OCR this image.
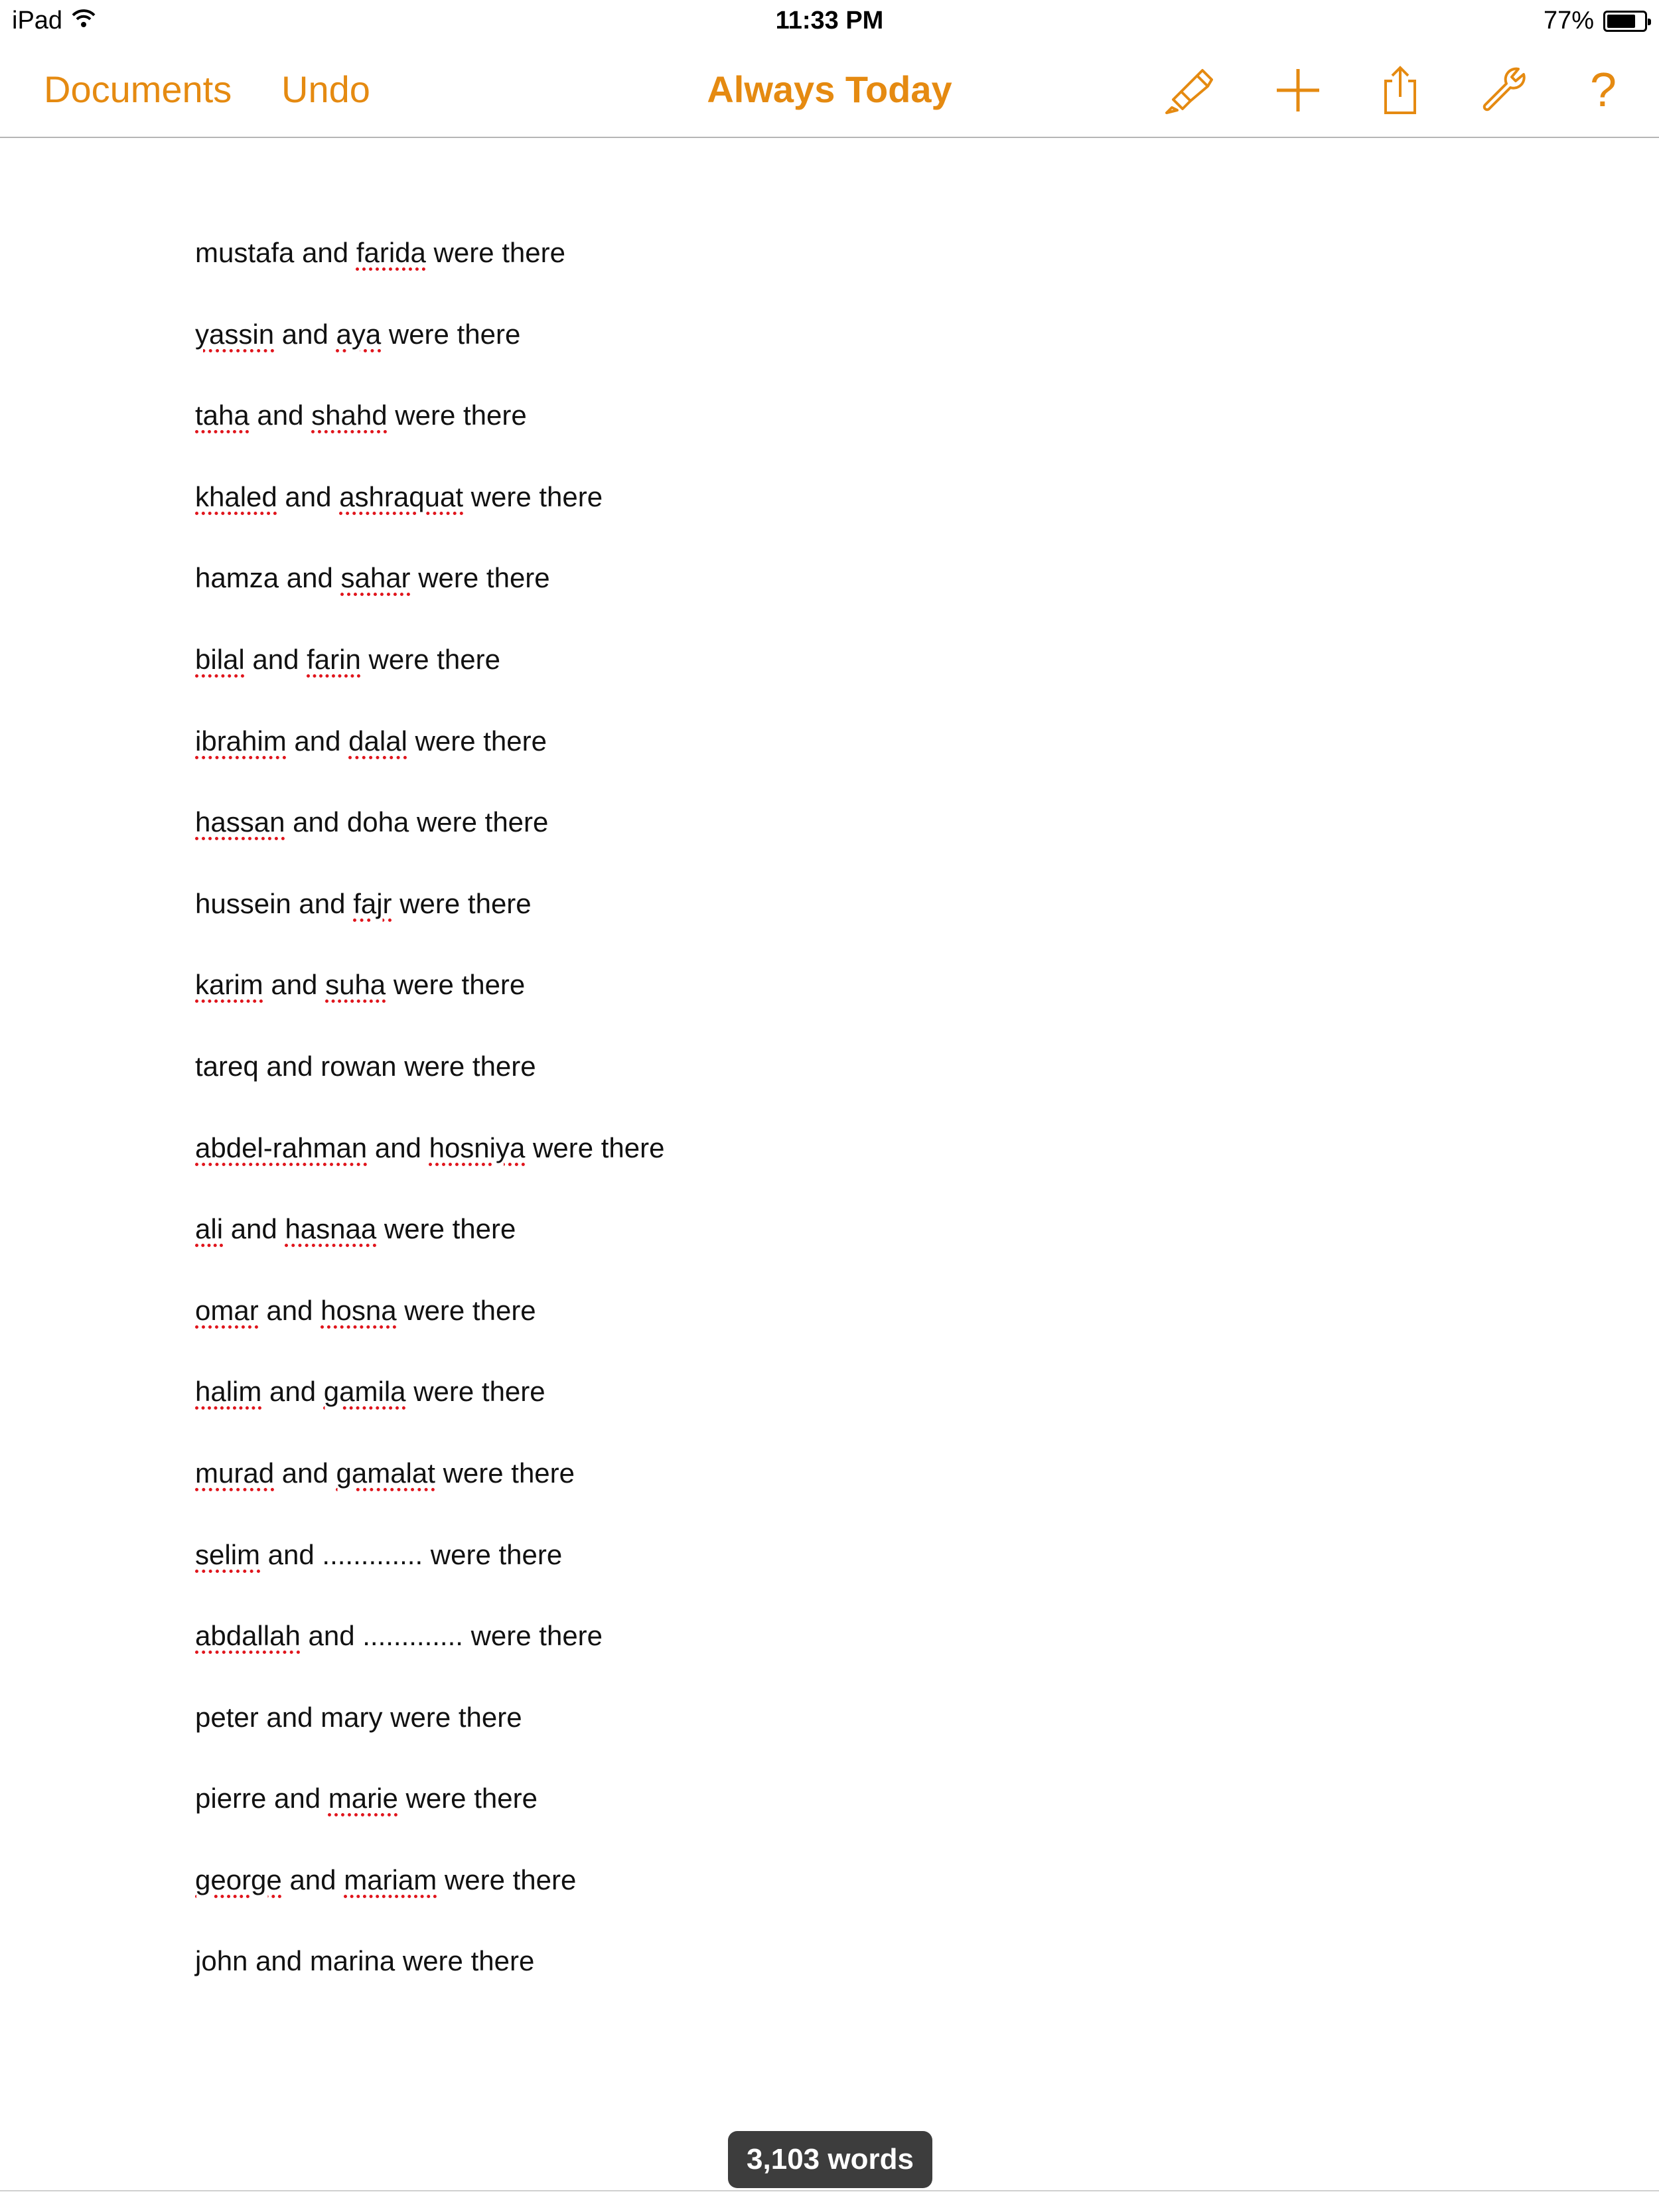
iPad	11:33 PM	77%
Documents Undo	Always Today	?
mustafa and farida were there
yassin and aya were there
taha and shahd were there
khaled and ashraquat were there
hamza and sahar were there
bilal and farin were there
ibrahim and dalal were there
hassan and doha were there
hussein and fajr were there
karim and suha were there
tareq and rowan were there
abdel-rahman and hosniya were there
ali and hasnaa were there
omar and hosna were there
halim and gamila were there
murad and gamalat were there
selim and ............. were there
abdallah and ............. were there
peter and mary were there
pierre and marie were there
george and mariam were there
john and marina were there
3,103 words
